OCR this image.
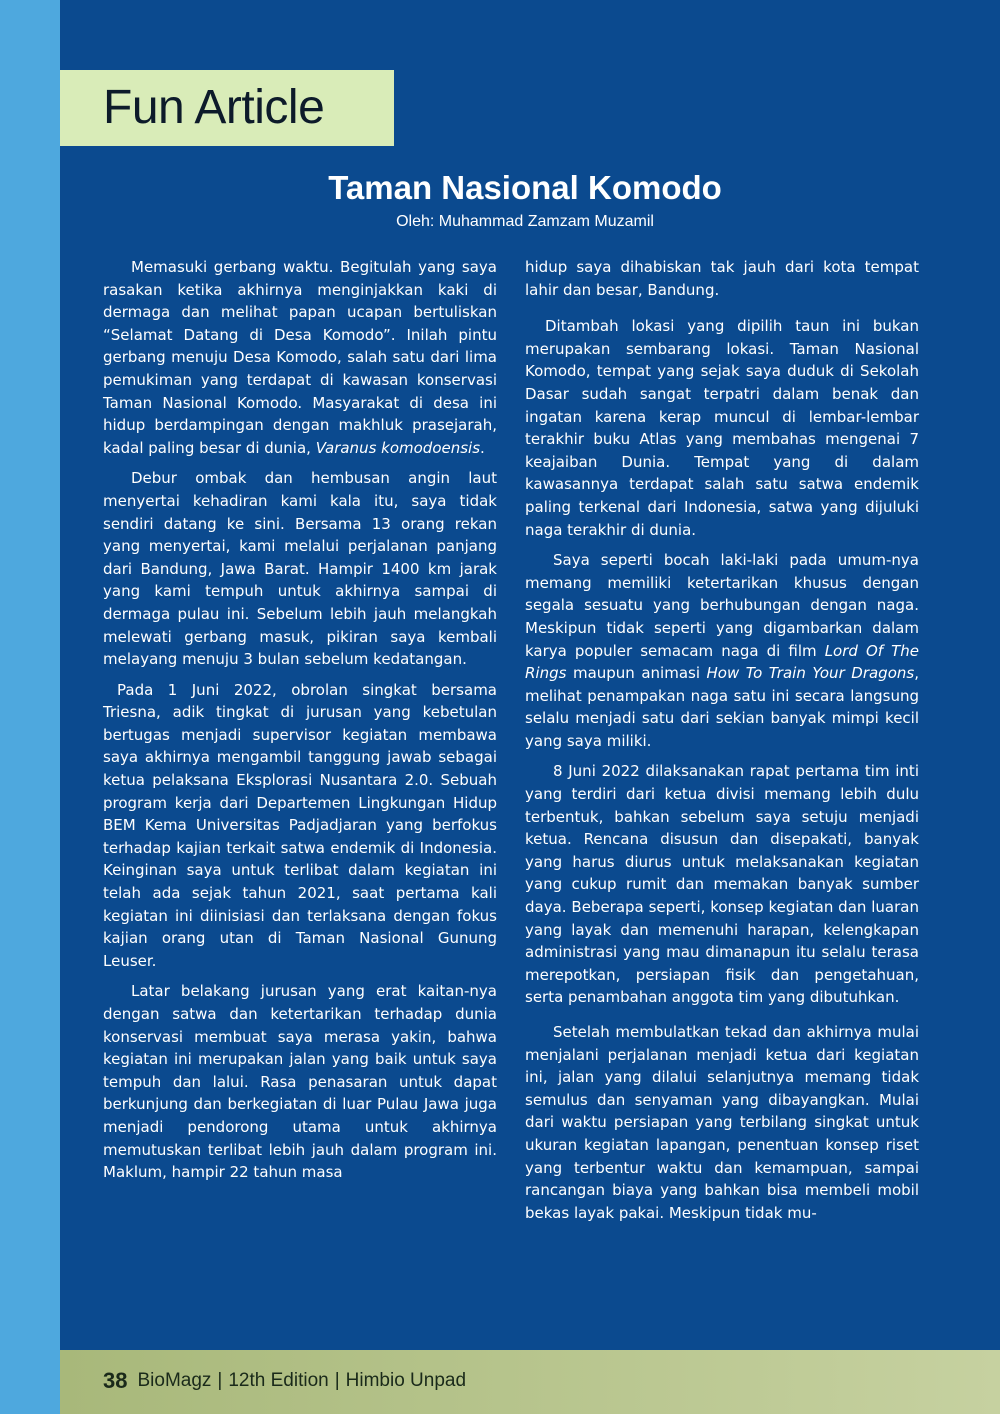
Fun Article
Taman Nasional Komodo
Oleh: Muhammad Zamzam Muzamil

Memasuki gerbang waktu. Begitulah yang saya rasakan ketika akhirnya menginjakkan kaki di dermaga dan melihat papan ucapan bertuliskan “Selamat Datang di Desa Komodo”. Inilah pintu gerbang menuju Desa Komodo, salah satu dari lima pemukiman yang terdapat di kawasan konservasi Taman Nasional Komodo. Masyarakat di desa ini hidup berdampingan dengan makhluk prasejarah, kadal paling besar di dunia, Varanus komodoensis.

Debur ombak dan hembusan angin laut menyertai kehadiran kami kala itu, saya tidak sendiri datang ke sini. Bersama 13 orang rekan yang menyertai, kami melalui perjalanan panjang dari Bandung, Jawa Barat. Hampir 1400 km jarak yang kami tempuh untuk akhirnya sampai di dermaga pulau ini. Sebelum lebih jauh melangkah melewati gerbang masuk, pikiran saya kembali melayang menuju 3 bulan sebelum kedatangan.

Pada 1 Juni 2022, obrolan singkat bersama Triesna, adik tingkat di jurusan yang kebetulan bertugas menjadi supervisor kegiatan membawa saya akhirnya mengambil tanggung jawab sebagai ketua pelaksana Eksplorasi Nusantara 2.0. Sebuah program kerja dari Departemen Lingkungan Hidup BEM Kema Universitas Padjadjaran yang berfokus terhadap kajian terkait satwa endemik di Indonesia. Keinginan saya untuk terlibat dalam kegiatan ini telah ada sejak tahun 2021, saat pertama kali kegiatan ini diinisiasi dan terlaksana dengan fokus kajian orang utan di Taman Nasional Gunung Leuser.

Latar belakang jurusan yang erat kaitan-nya dengan satwa dan ketertarikan terhadap dunia konservasi membuat saya merasa yakin, bahwa kegiatan ini merupakan jalan yang baik untuk saya tempuh dan lalui. Rasa penasaran untuk dapat berkunjung dan berkegiatan di luar Pulau Jawa juga menjadi pendorong utama untuk akhirnya memutuskan terlibat lebih jauh dalam program ini. Maklum, hampir 22 tahun masa

hidup saya dihabiskan tak jauh dari kota tempat lahir dan besar, Bandung.

Ditambah lokasi yang dipilih taun ini bukan merupakan sembarang lokasi. Taman Nasional Komodo, tempat yang sejak saya duduk di Sekolah Dasar sudah sangat terpatri dalam benak dan ingatan karena kerap muncul di lembar-lembar terakhir buku Atlas yang membahas mengenai 7 keajaiban Dunia. Tempat yang di dalam kawasannya terdapat salah satu satwa endemik paling terkenal dari Indonesia, satwa yang dijuluki naga terakhir di dunia.

Saya seperti bocah laki-laki pada umum-nya memang memiliki ketertarikan khusus dengan segala sesuatu yang berhubungan dengan naga. Meskipun tidak seperti yang digambarkan dalam karya populer semacam naga di film Lord Of The Rings maupun animasi How To Train Your Dragons, melihat penampakan naga satu ini secara langsung selalu menjadi satu dari sekian banyak mimpi kecil yang saya miliki.

8 Juni 2022 dilaksanakan rapat pertama tim inti yang terdiri dari ketua divisi memang lebih dulu terbentuk, bahkan sebelum saya setuju menjadi ketua. Rencana disusun dan disepakati, banyak yang harus diurus untuk melaksanakan kegiatan yang cukup rumit dan memakan banyak sumber daya. Beberapa seperti, konsep kegiatan dan luaran yang layak dan memenuhi harapan, kelengkapan administrasi yang mau dimanapun itu selalu terasa merepotkan, persiapan fisik dan pengetahuan, serta penambahan anggota tim yang dibutuhkan.

Setelah membulatkan tekad dan akhirnya mulai menjalani perjalanan menjadi ketua dari kegiatan ini, jalan yang dilalui selanjutnya memang tidak semulus dan senyaman yang dibayangkan. Mulai dari waktu persiapan yang terbilang singkat untuk ukuran kegiatan lapangan, penentuan konsep riset yang terbentur waktu dan kemampuan, sampai rancangan biaya yang bahkan bisa membeli mobil bekas layak pakai. Meskipun tidak mu-

38 BioMagz | 12th Edition | Himbio Unpad
